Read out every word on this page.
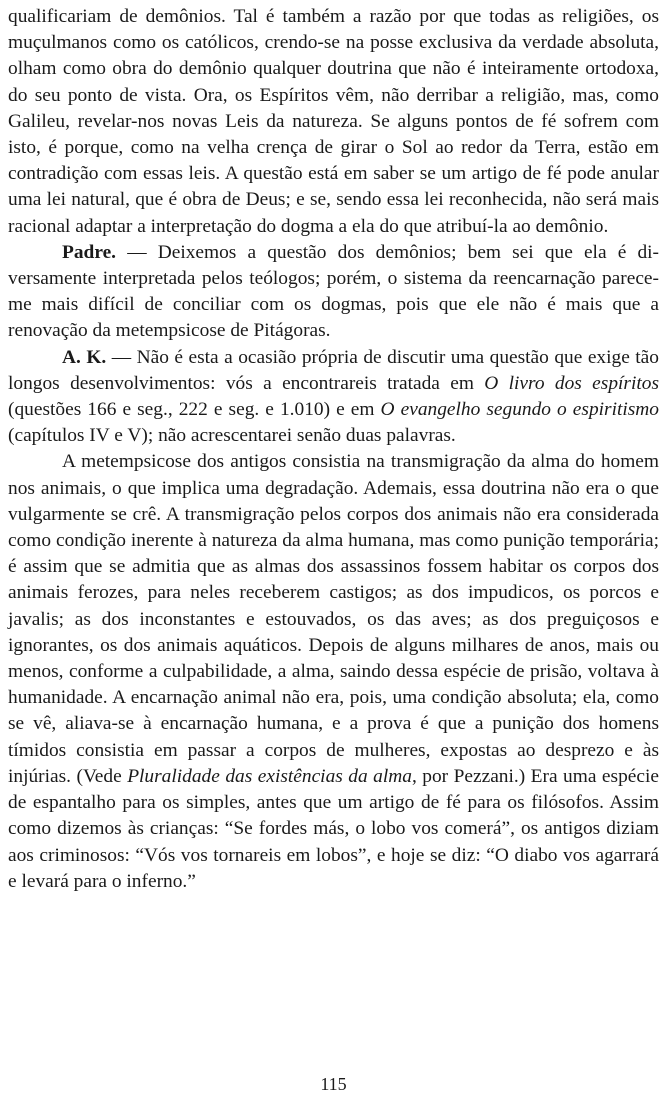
qualificariam de demônios. Tal é também a razão por que todas as religiões, os muçulmanos como os católicos, crendo-se na posse exclusiva da verdade absoluta, olham como obra do demônio qualquer doutrina que não é inteiramente ortodoxa, do seu ponto de vista. Ora, os Espíritos vêm, não derribar a religião, mas, como Galileu, revelar-nos novas Leis da natureza. Se alguns pontos de fé sofrem com isto, é porque, como na velha crença de girar o Sol ao redor da Terra, estão em contradição com essas leis. A questão está em saber se um artigo de fé pode anular uma lei natural, que é obra de Deus; e se, sendo essa lei reconhecida, não será mais racional adaptar a interpretação do dogma a ela do que atribuí-la ao demônio.

Padre. — Deixemos a questão dos demônios; bem sei que ela é diversamente interpretada pelos teólogos; porém, o sistema da reencarnação parece-me mais difícil de conciliar com os dogmas, pois que ele não é mais que a renovação da metempsicose de Pitágoras.

A. K. — Não é esta a ocasião própria de discutir uma questão que exige tão longos desenvolvimentos: vós a encontrareis tratada em O livro dos espíritos (questões 166 e seg., 222 e seg. e 1.010) e em O evangelho segundo o espiritismo (capítulos IV e V); não acrescentarei senão duas palavras.

A metempsicose dos antigos consistia na transmigração da alma do homem nos animais, o que implica uma degradação. Ademais, essa doutrina não era o que vulgarmente se crê. A transmigração pelos corpos dos animais não era considerada como condição inerente à natureza da alma humana, mas como punição temporária; é assim que se admitia que as almas dos assassinos fossem habitar os corpos dos animais ferozes, para neles receberem castigos; as dos impudicos, os porcos e javalis; as dos inconstantes e estouvados, os das aves; as dos preguiçosos e ignorantes, os dos animais aquáticos. Depois de alguns milhares de anos, mais ou menos, conforme a culpabilidade, a alma, saindo dessa espécie de prisão, voltava à humanidade. A encarnação animal não era, pois, uma condição absoluta; ela, como se vê, aliava-se à encarnação humana, e a prova é que a punição dos homens tímidos consistia em passar a corpos de mulheres, expostas ao desprezo e às injúrias. (Vede Pluralidade das existências da alma, por Pezzani.) Era uma espécie de espantalho para os simples, antes que um artigo de fé para os filósofos. Assim como dizemos às crianças: “Se fordes más, o lobo vos comerá”, os antigos diziam aos criminosos: “Vós vos tornareis em lobos”, e hoje se diz: “O diabo vos agarrará e levará para o inferno.”

115
